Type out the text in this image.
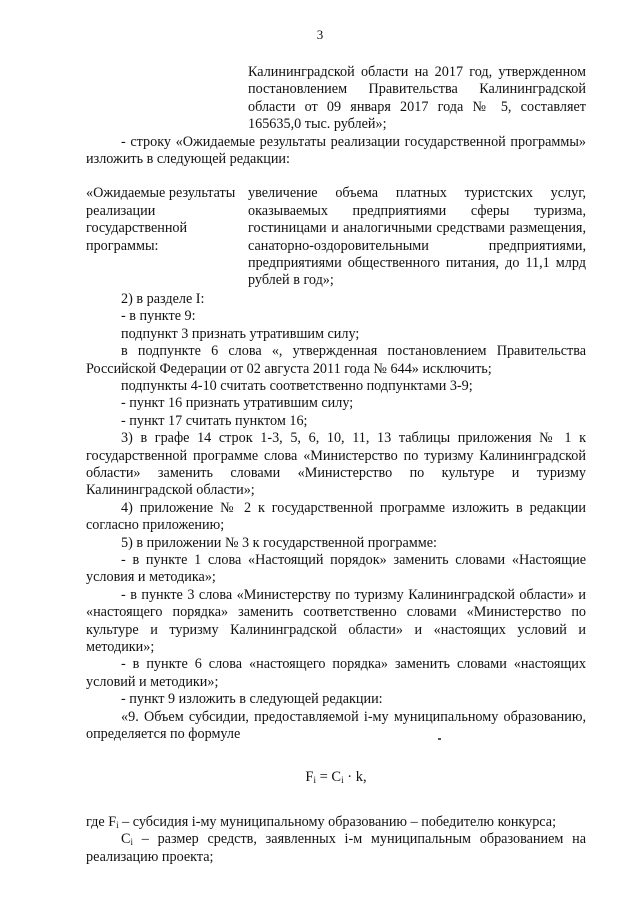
3

Калининградской области на 2017 год, утвержденном постановлением Правительства Калининградской области от 09 января 2017 года № 5, составляет 165635,0 тыс. рублей»;

- строку «Ожидаемые результаты реализации государственной программы» изложить в следующей редакции:

«Ожидаемые результаты реализации государственной программы:
увеличение объема платных туристских услуг, оказываемых предприятиями сферы туризма, гостиницами и аналогичными средствами размещения, санаторно-оздоровительными предприятиями, предприятиями общественного питания, до 11,1 млрд рублей в год»;

2) в разделе I:

- в пункте 9:

подпункт 3 признать утратившим силу;

в подпункте 6 слова «, утвержденная постановлением Правительства Российской Федерации от 02 августа 2011 года № 644» исключить;

подпункты 4-10 считать соответственно подпунктами 3-9;

- пункт 16 признать утратившим силу;

- пункт 17 считать пунктом 16;

3) в графе 14 строк 1-3, 5, 6, 10, 11, 13 таблицы приложения № 1 к государственной программе слова «Министерство по туризму Калининградской области» заменить словами «Министерство по культуре и туризму Калининградской области»;

4) приложение № 2 к государственной программе изложить в редакции согласно приложению;

5) в приложении № 3 к государственной программе:

- в пункте 1 слова «Настоящий порядок» заменить словами «Настоящие условия и методика»;

- в пункте 3 слова «Министерству по туризму Калининградской области» и «настоящего порядка» заменить соответственно словами «Министерство по культуре и туризму Калининградской области» и «настоящих условий и методики»;

- в пункте 6 слова «настоящего порядка» заменить словами «настоящих условий и методики»;

- пункт 9 изложить в следующей редакции:

«9. Объем субсидии, предоставляемой i-му муниципальному образованию, определяется по формуле

$F_i = C_i \cdot k$,

где $F_i$ – субсидия i-му муниципальному образованию – победителю конкурса;

$C_i$ – размер средств, заявленных i-м муниципальным образованием на реализацию проекта;
